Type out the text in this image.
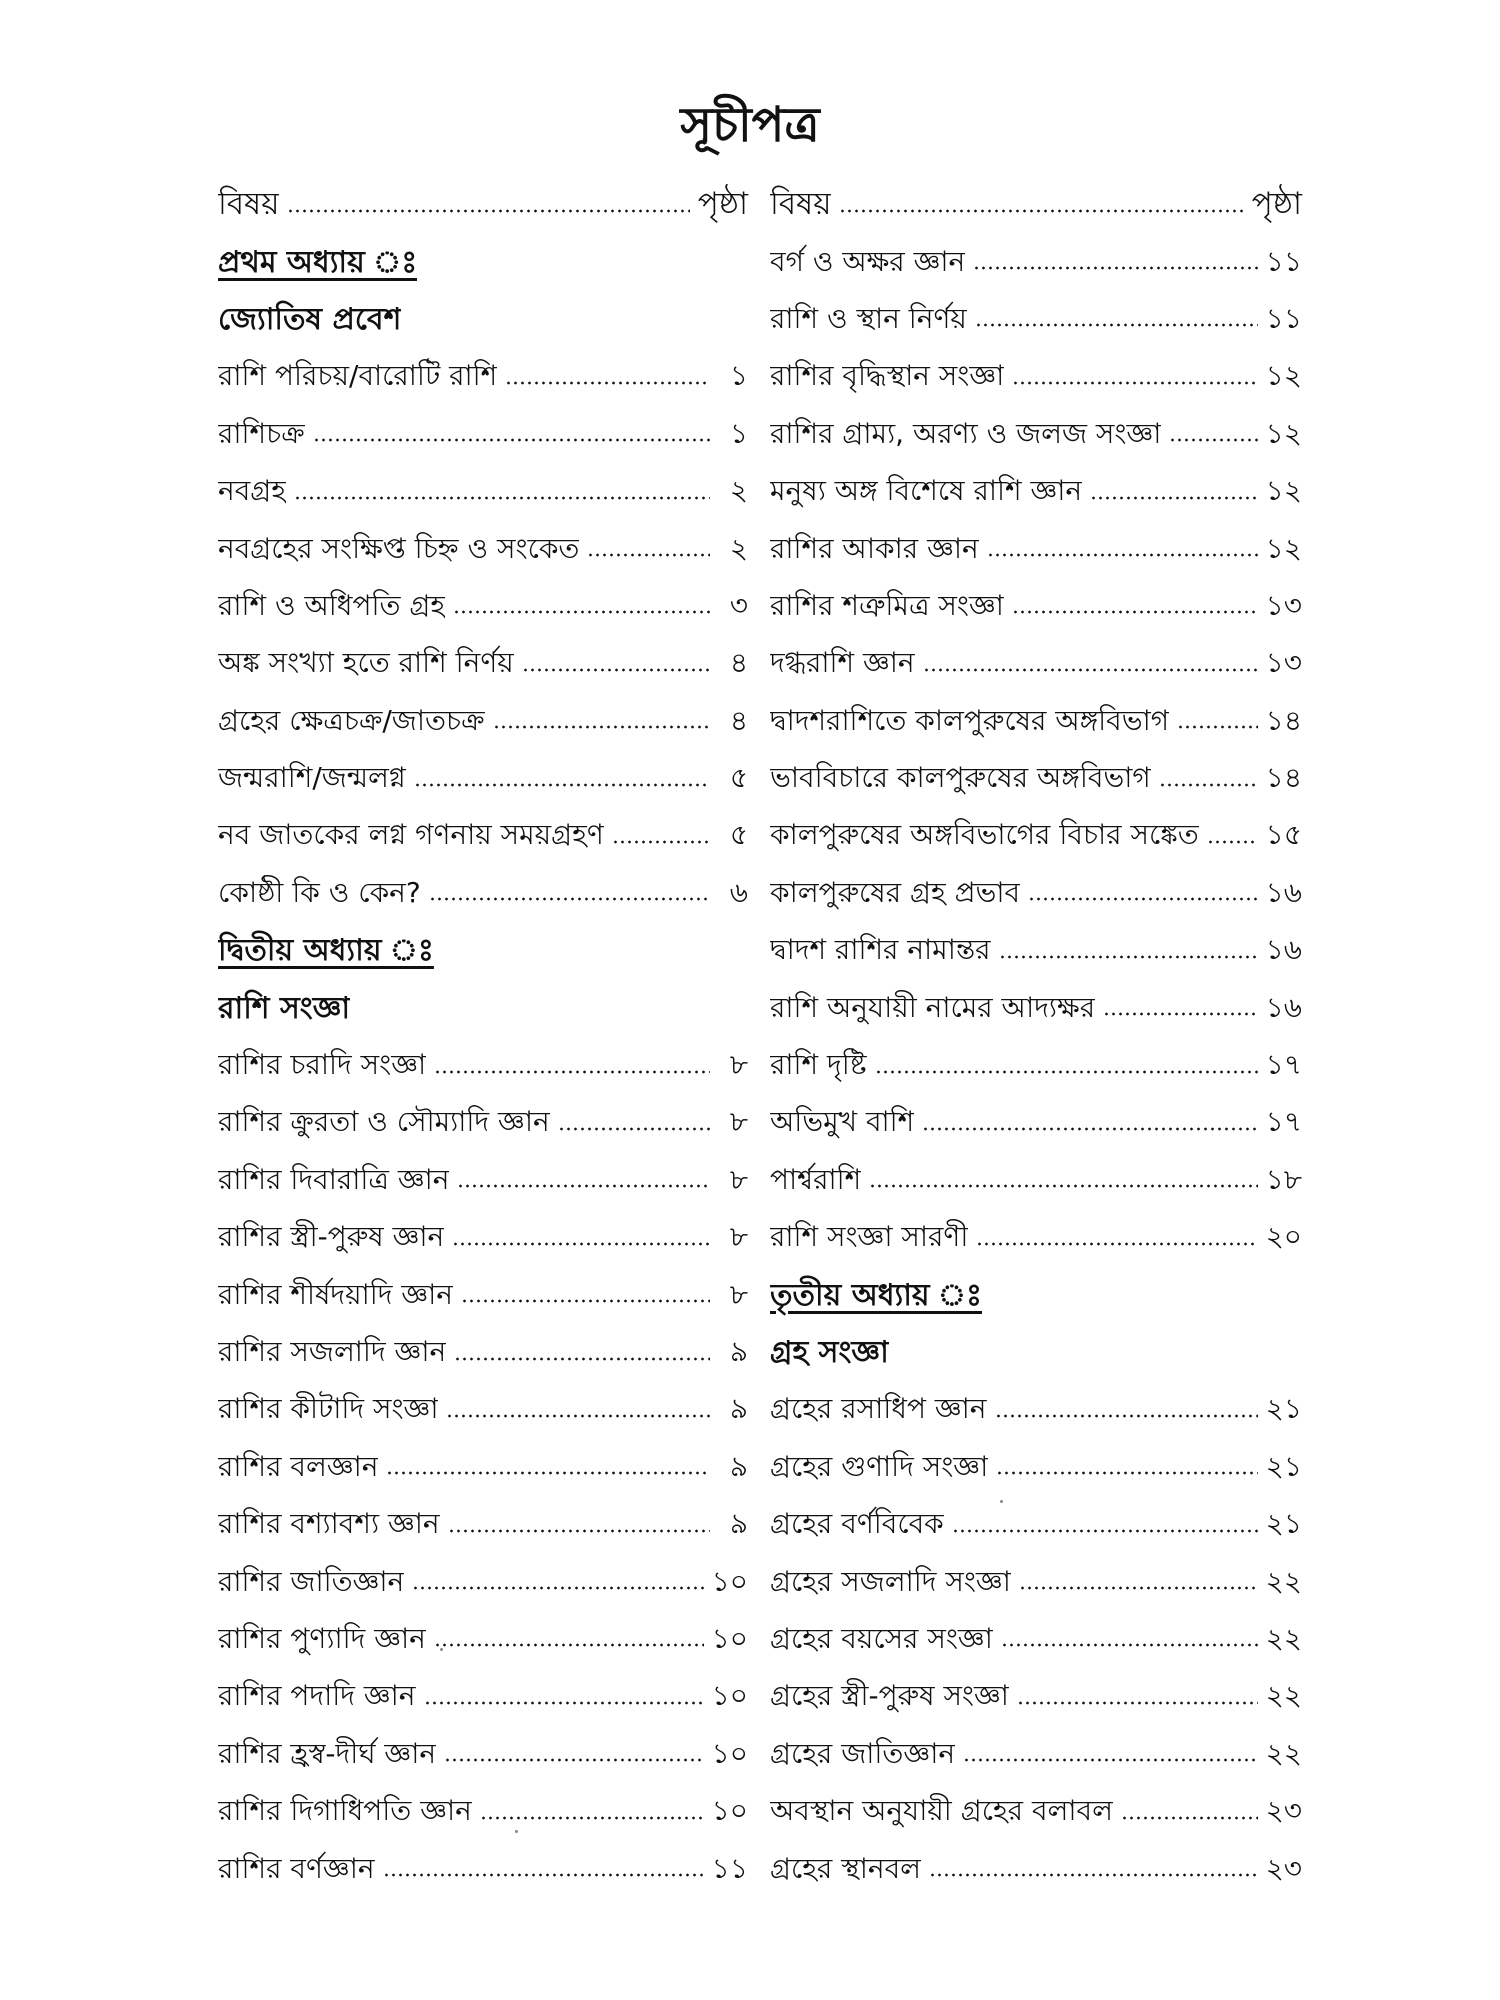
সূচীপত্র
বিষয়	পৃষ্ঠা
প্রথম অধ্যায় ঃ
জ্যোতিষ প্রবেশ
রাশি পরিচয়/বারোটি রাশি	১
রাশিচক্র	১
নবগ্রহ	২
নবগ্রহের সংক্ষিপ্ত চিহ্ন ও সংকেত	২
রাশি ও অধিপতি গ্রহ	৩
অঙ্ক সংখ্যা হতে রাশি নির্ণয়	৪
গ্রহের ক্ষেত্রচক্র/জাতচক্র	৪
জন্মরাশি/জন্মলগ্ন	৫
নব জাতকের লগ্ন গণনায় সময়গ্রহণ	৫
কোষ্ঠী কি ও কেন?	৬
দ্বিতীয় অধ্যায় ঃ
রাশি সংজ্ঞা
রাশির চরাদি সংজ্ঞা	৮
রাশির ক্রুরতা ও সৌম্যাদি জ্ঞান	৮
রাশির দিবারাত্রি জ্ঞান	৮
রাশির স্ত্রী-পুরুষ জ্ঞান	৮
রাশির শীর্ষদয়াদি জ্ঞান	৮
রাশির সজলাদি জ্ঞান	৯
রাশির কীটাদি সংজ্ঞা	৯
রাশির বলজ্ঞান	৯
রাশির বশ্যাবশ্য জ্ঞান	৯
রাশির জাতিজ্ঞান	১০
রাশির পুণ্যাদি জ্ঞান	১০
রাশির পদাদি জ্ঞান	১০
রাশির হ্রস্ব-দীর্ঘ জ্ঞান	১০
রাশির দিগাধিপতি জ্ঞান	১০
রাশির বর্ণজ্ঞান	১১
বিষয়	পৃষ্ঠা
বর্গ ও অক্ষর জ্ঞান	১১
রাশি ও স্থান নির্ণয়	১১
রাশির বৃদ্ধিস্থান সংজ্ঞা	১২
রাশির গ্রাম্য, অরণ্য ও জলজ সংজ্ঞা	১২
মনুষ্য অঙ্গ বিশেষে রাশি জ্ঞান	১২
রাশির আকার জ্ঞান	১২
রাশির শত্রুমিত্র সংজ্ঞা	১৩
দগ্ধরাশি জ্ঞান	১৩
দ্বাদশরাশিতে কালপুরুষের অঙ্গবিভাগ	১৪
ভাববিচারে কালপুরুষের অঙ্গবিভাগ	১৪
কালপুরুষের অঙ্গবিভাগের বিচার সঙ্কেত ১৫
কালপুরুষের গ্রহ প্রভাব	১৬
দ্বাদশ রাশির নামান্তর	১৬
রাশি অনুযায়ী নামের আদ্যক্ষর	১৬
রাশি দৃষ্টি	১৭
অভিমুখ বাশি	১৭
পার্শ্বরাশি	১৮
রাশি সংজ্ঞা সারণী	২০
তৃতীয় অধ্যায় ঃ
গ্রহ সংজ্ঞা
গ্রহের রসাধিপ জ্ঞান	২১
গ্রহের গুণাদি সংজ্ঞা	২১
গ্রহের বর্ণবিবেক	২১
গ্রহের সজলাদি সংজ্ঞা	২২
গ্রহের বয়সের সংজ্ঞা	২২
গ্রহের স্ত্রী-পুরুষ সংজ্ঞা	২২
গ্রহের জাতিজ্ঞান	২২
অবস্থান অনুযায়ী গ্রহের বলাবল	২৩
গ্রহের স্থানবল	২৩
